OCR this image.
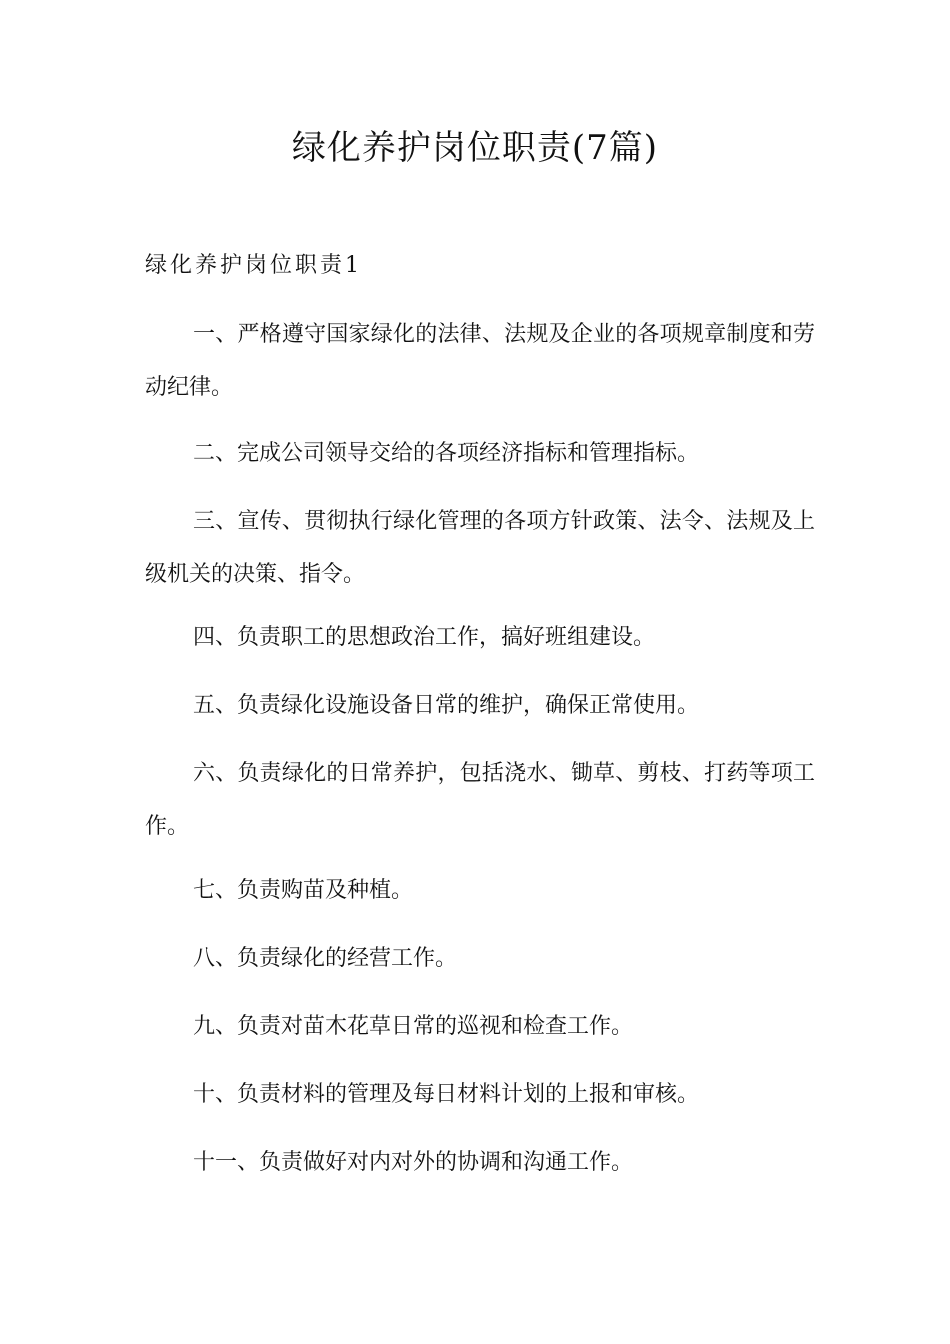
绿化养护岗位职责(7篇)
绿化养护岗位职责1

一、严格遵守国家绿化的法律、法规及企业的各项规章制度和劳动纪律。

二、完成公司领导交给的各项经济指标和管理指标。

三、宣传、贯彻执行绿化管理的各项方针政策、法令、法规及上级机关的决策、指令。

四、负责职工的思想政治工作，搞好班组建设。

五、负责绿化设施设备日常的维护，确保正常使用。

六、负责绿化的日常养护，包括浇水、锄草、剪枝、打药等项工作。

七、负责购苗及种植。

八、负责绿化的经营工作。

九、负责对苗木花草日常的巡视和检查工作。

十、负责材料的管理及每日材料计划的上报和审核。

十一、负责做好对内对外的协调和沟通工作。
